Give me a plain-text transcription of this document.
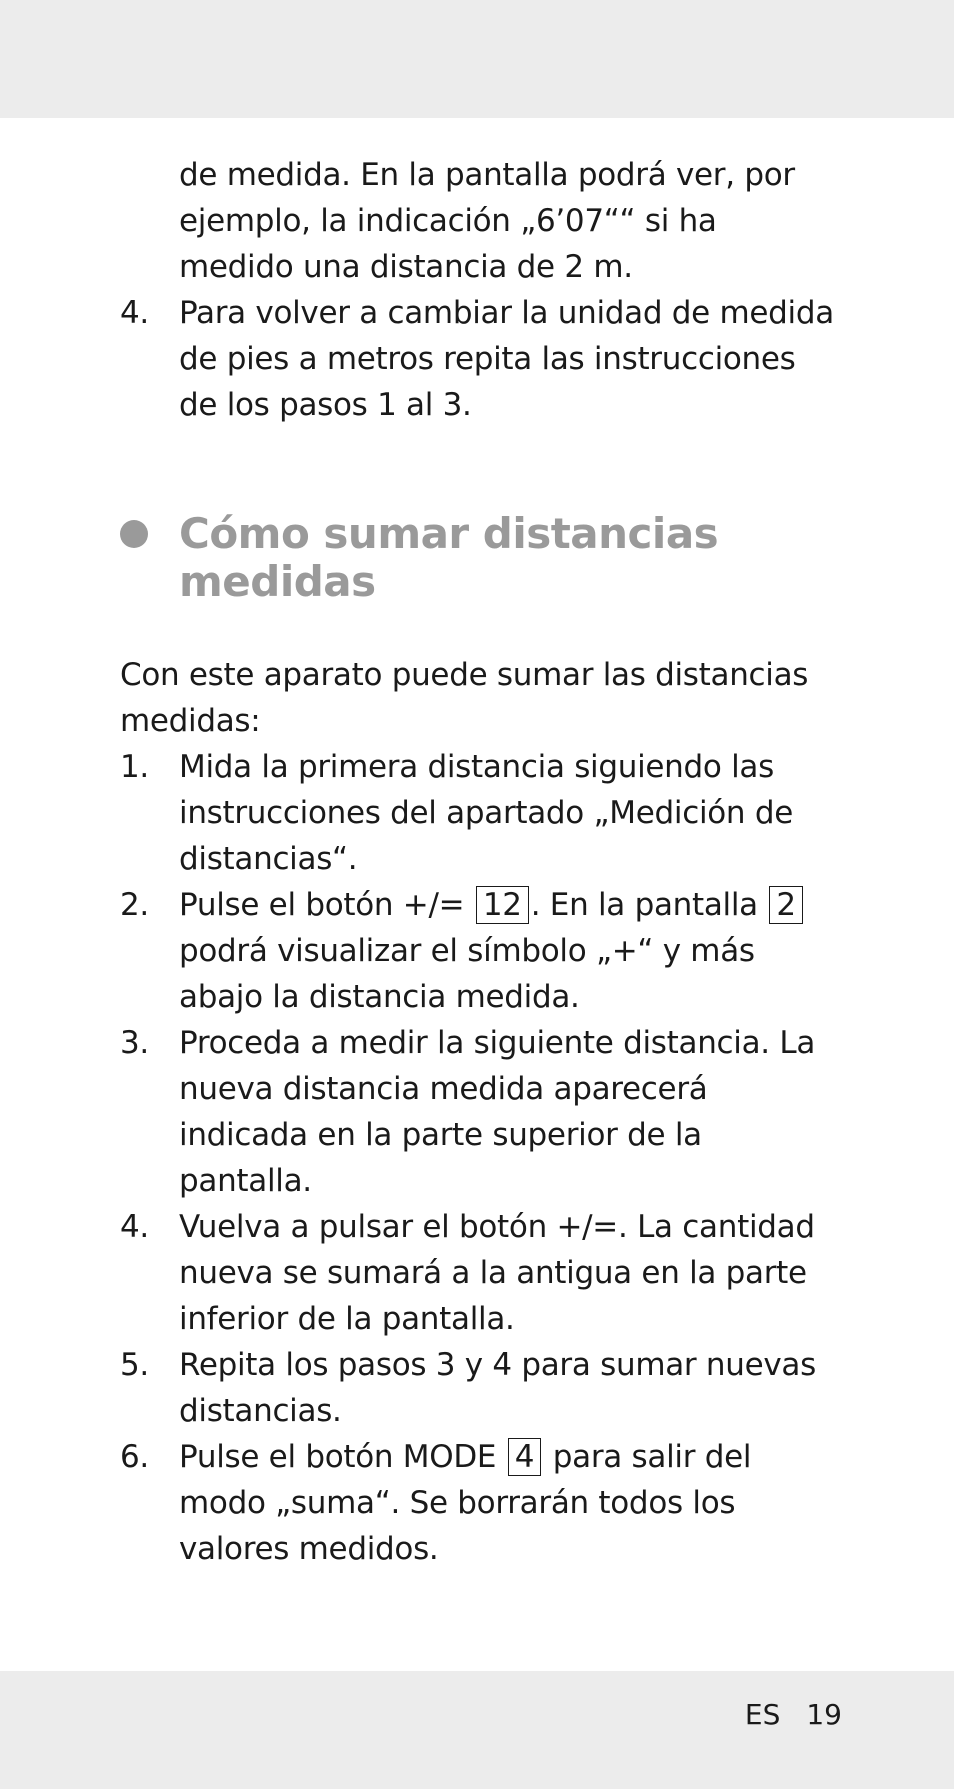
de medida. En la pantalla podrá ver, por ejemplo, la indicación „6’07““ si ha medido una distancia de 2 m.

4. Para volver a cambiar la unidad de medida de pies a metros repita las instrucciones de los pasos 1 al 3.

Cómo sumar distancias medidas

Con este aparato puede sumar las distancias medidas:

1. Mida la primera distancia siguiendo las instrucciones del apartado „Medición de distancias“.

2. Pulse el botón +/= 12 . En la pantalla 2 podrá visualizar el símbolo „+“ y más abajo la distancia medida.

3. Proceda a medir la siguiente distancia. La nueva distancia medida aparecerá indicada en la parte superior de la pantalla.

4. Vuelva a pulsar el botón +/=. La cantidad nueva se sumará a la antigua en la parte inferior de la pantalla.

5. Repita los pasos 3 y 4 para sumar nuevas distancias.

6. Pulse el botón MODE 4 para salir del modo „suma“. Se borrarán todos los valores medidos.

ES 19
